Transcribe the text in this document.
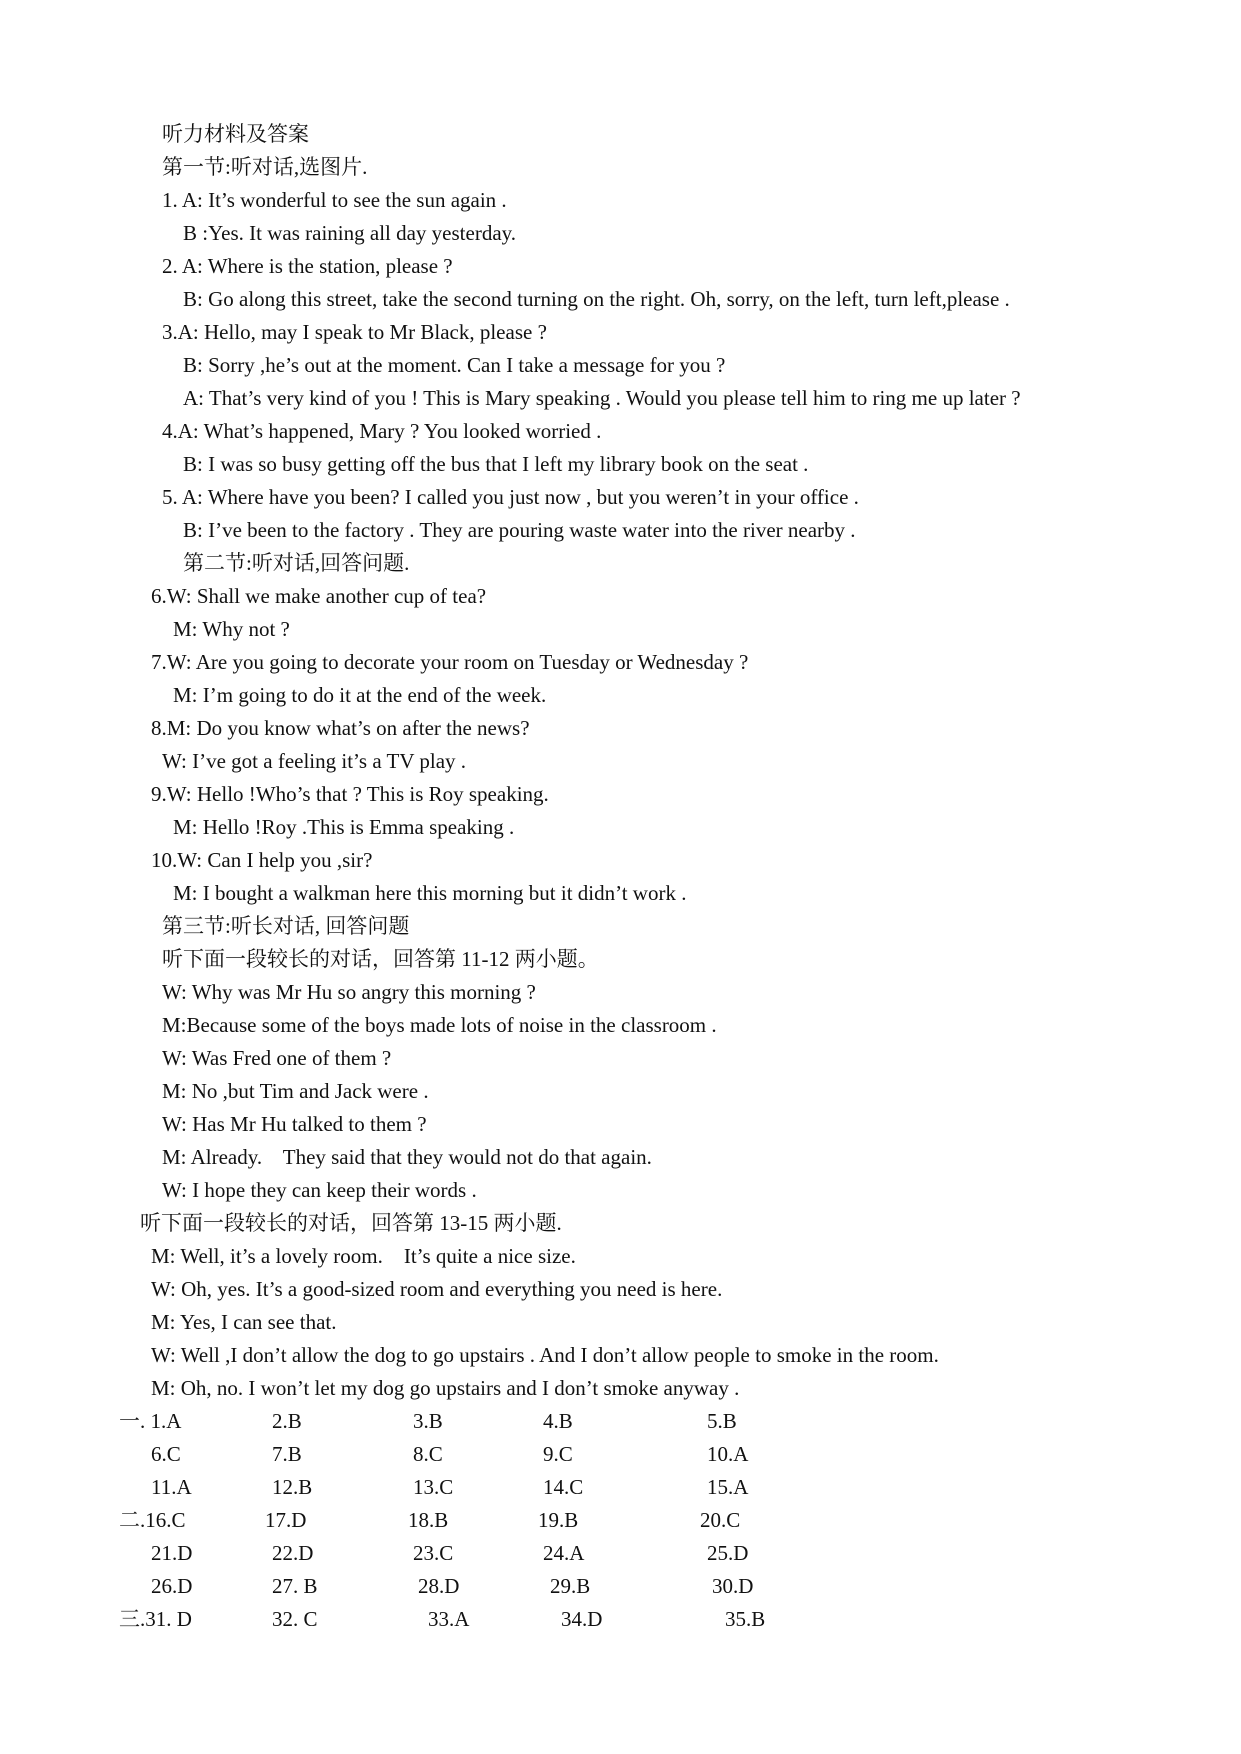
听力材料及答案
第一节:听对话,选图片.
1. A: It’s wonderful to see the sun again .
B :Yes. It was raining all day yesterday.
2. A: Where is the station, please ?
B: Go along this street, take the second turning on the right. Oh, sorry, on the left, turn left,please .
3.A: Hello, may I speak to Mr Black, please ?
B: Sorry ,he’s out at the moment. Can I take a message for you ?
A: That’s very kind of you ! This is Mary speaking . Would you please tell him to ring me up later ?
4.A: What’s happened, Mary ? You looked worried .
B: I was so busy getting off the bus that I left my library book on the seat .
5. A: Where have you been? I called you just now , but you weren’t in your office .
B: I’ve been to the factory . They are pouring waste water into the river nearby .
第二节:听对话,回答问题.
6.W: Shall we make another cup of tea?
M: Why not ?
7.W: Are you going to decorate your room on Tuesday or Wednesday ?
M: I’m going to do it at the end of the week.
8.M: Do you know what’s on after the news?
W: I’ve got a feeling it’s a TV play .
9.W: Hello !Who’s that ? This is Roy speaking.
M: Hello !Roy .This is Emma speaking .
10.W: Can I help you ,sir?
M: I bought a walkman here this morning but it didn’t work .
第三节:听长对话, 回答问题
听下面一段较长的对话，回答第 11-12 两小题。
W: Why was Mr Hu so angry this morning ?
M:Because some of the boys made lots of noise in the classroom .
W: Was Fred one of them ?
M: No ,but Tim and Jack were .
W: Has Mr Hu talked to them ?
M: Already.    They said that they would not do that again.
W: I hope they can keep their words .
听下面一段较长的对话，回答第 13-15 两小题.
M: Well, it’s a lovely room.    It’s quite a nice size.
W: Oh, yes. It’s a good-sized room and everything you need is here.
M: Yes, I can see that.
W: Well ,I don’t allow the dog to go upstairs . And I don’t allow people to smoke in the room.
M: Oh, no. I won’t let my dog go upstairs and I don’t smoke anyway .
一. 1.A	2.B	3.B	4.B	5.B
6.C	7.B	8.C	9.C	10.A
11.A	12.B	13.C	14.C	15.A
二.16.C	17.D	18.B	19.B	20.C
21.D	22.D	23.C	24.A	25.D
26.D	27. B	28.D	29.B	30.D
三.31. D	32. C	33.A	34.D	35.B
